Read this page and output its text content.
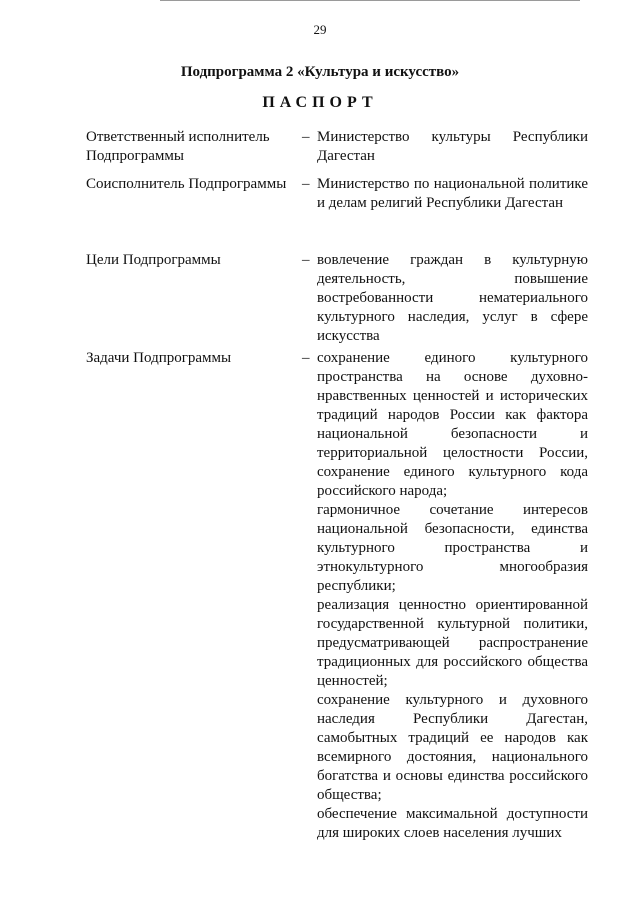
29
Подпрограмма 2 «Культура и искусство»
ПАСПОРТ
Ответственный исполнитель Подпрограммы
– Министерство культуры Республики Дагестан

Соисполнитель Подпрограммы	– Министерство по национальной политике и делам религий Республики Дагестан

Цели Подпрограммы	– вовлечение граждан в культурную деятельность, повышение востребованности нематериального культурного наследия, услуг в сфере искусства

Задачи Подпрограммы	– сохранение единого культурного пространства на основе духовно-нравственных ценностей и исторических традиций народов России как фактора национальной безопасности и территориальной целостности России, сохранение единого культурного кода российского народа;

гармоничное сочетание интересов национальной безопасности, единства культурного пространства и этнокультурного многообразия республики;

реализация ценностно ориентированной государственной культурной политики, предусматривающей распространение традиционных для российского общества ценностей;

сохранение культурного и духовного наследия Республики Дагестан, самобытных традиций ее народов как всемирного достояния, национального богатства и основы единства российского общества;

обеспечение максимальной доступности для широких слоев населения лучших
